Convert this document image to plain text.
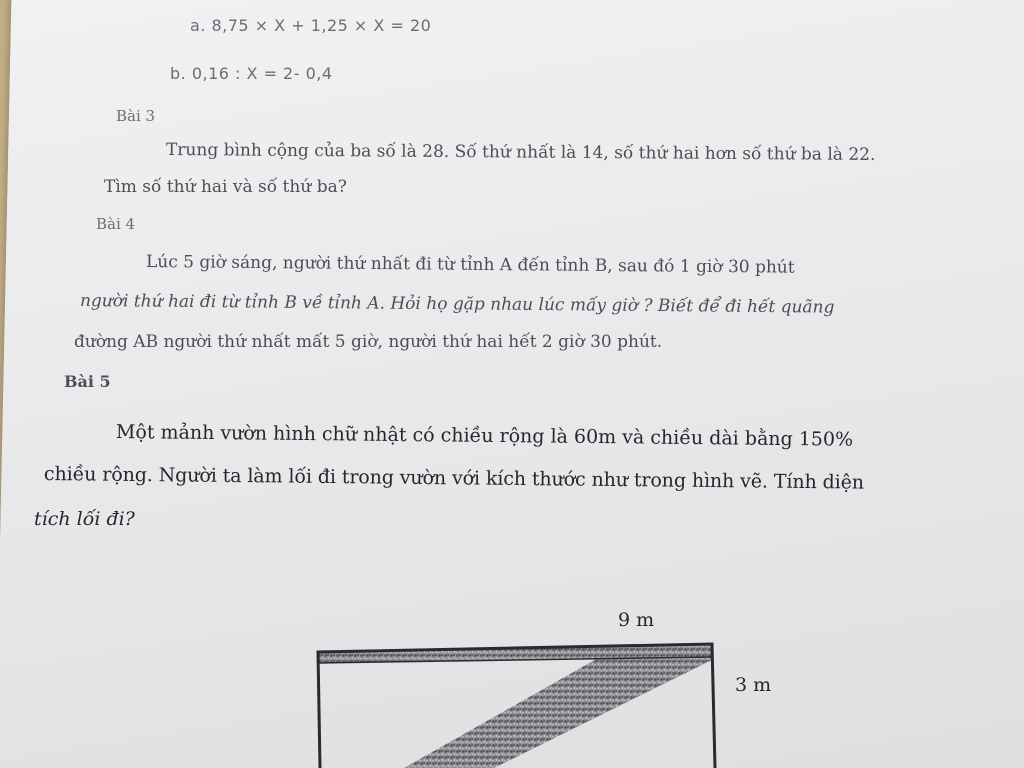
a. 8,75 × X + 1,25 × X = 20
b. 0,16 : X = 2- 0,4
Bài 3
Trung bình cộng của ba số là 28. Số thứ nhất là 14, số thứ hai hơn số thứ ba là 22.
Tìm số thứ hai và số thứ ba?
Bài 4
Lúc 5 giờ sáng, người thứ nhất đi từ tỉnh A đến tỉnh B, sau đó 1 giờ 30 phút
người thứ hai đi từ tỉnh B về tỉnh A. Hỏi họ gặp nhau lúc mấy giờ ? Biết để đi hết quãng
đường AB người thứ nhất mất 5 giờ, người thứ hai hết 2 giờ 30 phút.
Bài 5
Một mảnh vườn hình chữ nhật có chiều rộng là 60m và chiều dài bằng 150%
chiều rộng. Người ta làm lối đi trong vườn với kích thước như trong hình vẽ. Tính diện
tích lối đi?
9 m
3 m
